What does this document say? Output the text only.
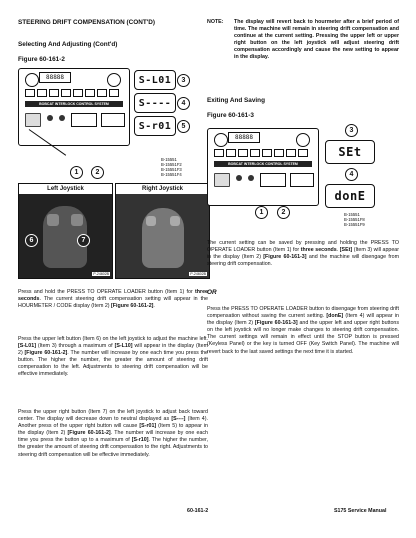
STEERING DRIFT COMPENSATION (CONT'D)
Selecting And Adjusting (Cont'd)
Figure 60-161-2
88888
BOBCAT INTERLOCK CONTROL SYSTEM
S-L01	3
S----	4
S-r01	5
1	2
B-15551
B-15551F2
B-15551F3
B-15551F4
Left Joystick
6	7
P-24602B
Right Joystick
P-24602B
Press and hold the PRESS TO OPERATE LOADER button (Item 1) for three seconds. The current steering drift compensation setting will appear in the HOURMETER / CODE display (Item 2) [Figure 60-161-2].
Press the upper left button (Item 6) on the left joystick to adjust the machine left. [S-L01] (Item 3) through a maximum of [S-L10] will appear in the display (Item 2) [Figure 60-161-2]. The number will increase by one each time you press the button. The higher the number, the greater the amount of steering drift compensation to the left. Adjustments to steering drift compensation will be effective immediately.
Press the upper right button (Item 7) on the left joystick to adjust back toward center. The display will decrease down to neutral displayed as [S----] (Item 4). Another press of the upper right button will cause [S-r01] (Item 5) to appear in the display (Item 2) [Figure 60-161-2]. The number will increase by one each time you press the button up to a maximum of [S-r10]. The higher the number, the greater the amount of steering drift compensation to the right. Adjustments to steering drift compensation will be effective immediately.
NOTE: The display will revert back to hourmeter after a brief period of time. The machine will remain in steering drift compensation and continue at the current setting. Pressing the upper left or upper right button on the left joystick will adjust steering drift compensation accordingly and cause the new setting to appear in the display.
Exiting And Saving
Figure 60-161-3
88888
BOBCAT INTERLOCK CONTROL SYSTEM
3
SEt
4
donE
1	2	B-15551
B-15551F8
B-15551F9
The current setting can be saved by pressing and holding the PRESS TO OPERATE LOADER button (Item 1) for three seconds. [SEt] (Item 3) will appear in the display (Item 2) [Figure 60-161-3] and the machine will disengage from steering drift compensation.
OR
Press the PRESS TO OPERATE LOADER button to disengage from steering drift compensation without saving the current setting. [donE] (Item 4) will appear in the display (Item 2) [Figure 60-161-3] and the upper left and upper right buttons on the left joystick will no longer make changes to steering drift compensation. The current settings will remain in effect until the STOP button is pressed (Keyless Panel) or the key is turned OFF (Key Switch Panel). The machine will revert back to the last saved settings the next time it is started.
60-161-2	S175 Service Manual
